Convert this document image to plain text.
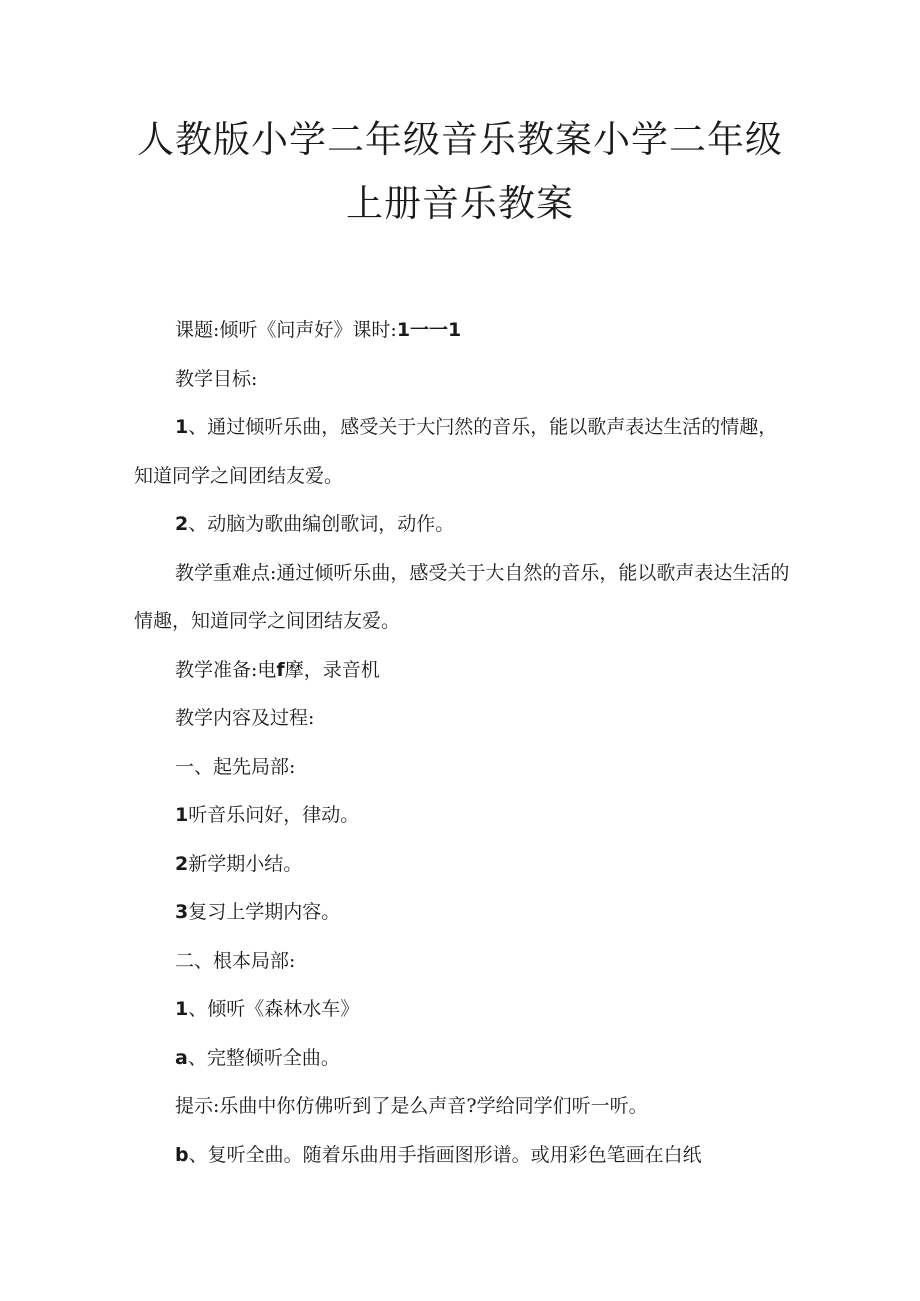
人教版小学二年级音乐教案小学二年级上册音乐教案

课题:倾听《问声好》课时:1一一1

教学目标:

1、通过倾听乐曲，感受关于大闩然的音乐，能以歌声表达生活的情趣，知道同学之间团结友爱。

2、动脑为歌曲编创歌词，动作。

教学重难点:通过倾听乐曲，感受关于大自然的音乐，能以歌声表达生活的情趣，知道同学之间团结友爱。

教学准备:电f摩，录音机

教学内容及过程:

一、起先局部:

1听音乐问好，律动。

2新学期小结。

3复习上学期内容。

二、根本局部:

1、倾听《森林水车》

a、完整倾听全曲。

提示:乐曲中你仿佛听到了是么声音?学给同学们听一听。

b、复听全曲。随着乐曲用手指画图形谱。或用彩色笔画在白纸
